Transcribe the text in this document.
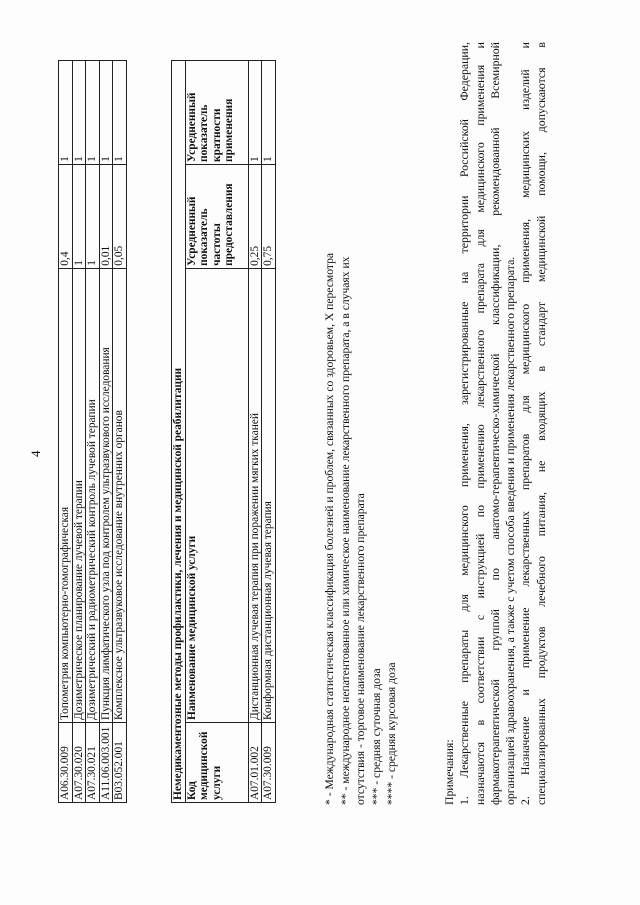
4
A06.30.009	Топометрия компьютерно-томографическая	0,4	1
A07.30.020	Дозиметрическое планирование лучевой терапии	1	1
A07.30.021	Дозиметрический и радиометрический контроль лучевой терапии	1	1
A11.06.003.001	Пункция лимфатического узла под контролем ультразвукового исследования	0,01	1
B03.052.001	Комплексное ультразвуковое исследование внутренних органов	0,05	1
Немедикаментозные методы профилактики, лечения и медицинской реабилитации			
Код медицинской услуги	Наименование медицинской услуги	Усредненный показатель частоты предоставления	Усредненный показатель кратности применения
A07.01.002	Дистанционная лучевая терапия при поражении мягких тканей	0,25	1
A07.30.009	Конформная дистанционная лучевая терапия	0,75	1
* - Международная статистическая классификация болезней и проблем, связанных со здоровьем, X пересмотра ** - международное непатентованное или химическое наименование лекарственного препарата, а в случаях их отсутствия - торговое наименование лекарственного препарата *** - средняя суточная доза **** - средняя курсовая доза	Примечания: 1. Лекарственные препараты для медицинского применения, зарегистрированные на территории Российской Федерации, назначаются в соответствии с инструкцией по применению лекарственного препарата для медицинского применения и фармакотерапевтической группой по анатомо-терапевтическо-химической классификации, рекомендованной Всемирной организацией здравоохранения, а также с учетом способа введения и применения лекарственного препарата. 2. Назначение и применение лекарственных препаратов для медицинского применения, медицинских изделий и специализированных продуктов лечебного питания, не входящих в стандарт медицинской помощи, допускаются в
